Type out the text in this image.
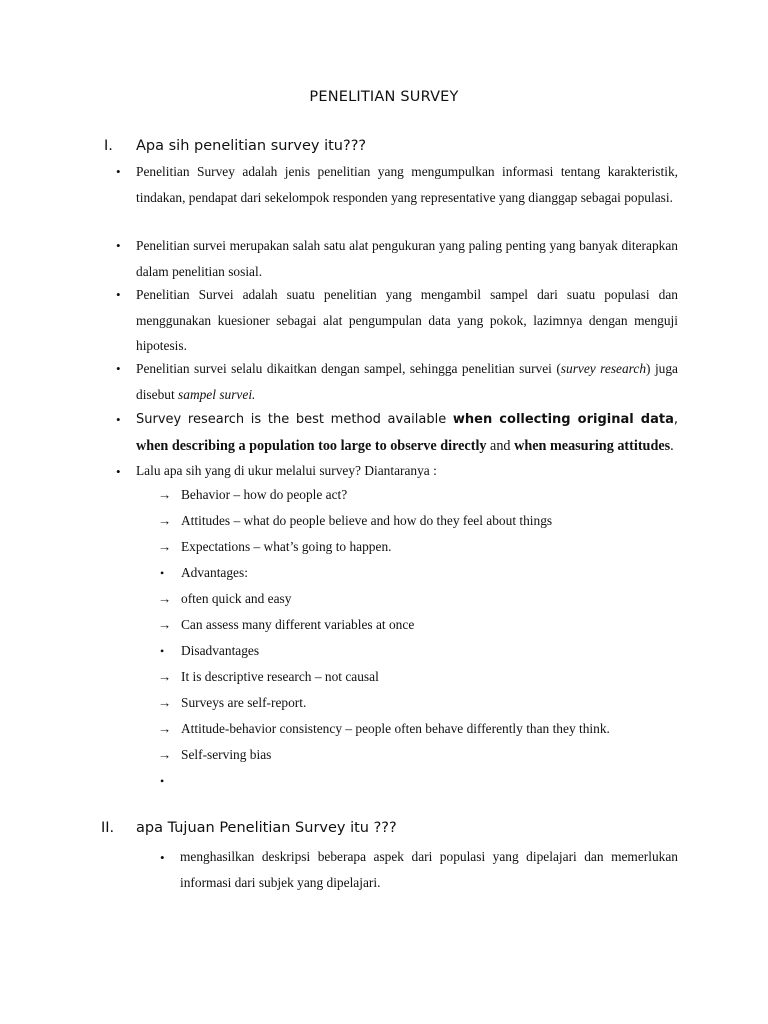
PENELITIAN SURVEY
I. Apa sih penelitian survey itu???
• Penelitian Survey adalah jenis penelitian yang mengumpulkan informasi tentang karakteristik, tindakan, pendapat dari sekelompok responden yang representative yang dianggap sebagai populasi.
• Penelitian survei merupakan salah satu alat pengukuran yang paling penting yang banyak diterapkan dalam penelitian sosial.
• Penelitian Survei adalah suatu penelitian yang mengambil sampel dari suatu populasi dan menggunakan kuesioner sebagai alat pengumpulan data yang pokok, lazimnya dengan menguji hipotesis.
• Penelitian survei selalu dikaitkan dengan sampel, sehingga penelitian survei (survey research) juga disebut sampel survei.
• Survey research is the best method available when collecting original data, when describing a population too large to observe directly and when measuring attitudes.
• Lalu apa sih yang di ukur melalui survey? Diantaranya :
→ Behavior – how do people act?
→ Attitudes – what do people believe and how do they feel about things
→ Expectations – what’s going to happen.
• Advantages:
→ often quick and easy
→ Can assess many different variables at once
• Disadvantages
→ It is descriptive research – not causal
→ Surveys are self-report.
→ Attitude-behavior consistency – people often behave differently than they think.
→ Self-serving bias
•
II. apa Tujuan Penelitian Survey itu ???
• menghasilkan deskripsi beberapa aspek dari populasi yang dipelajari dan memerlukan informasi dari subjek yang dipelajari.
